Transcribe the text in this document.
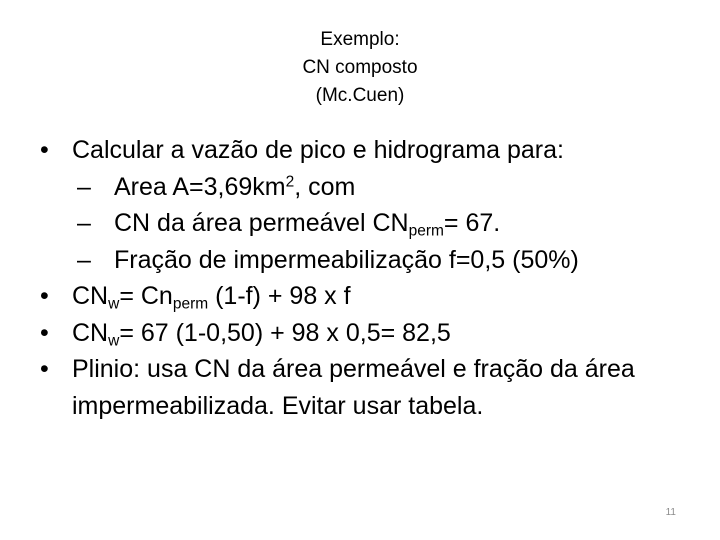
Exemplo:
CN composto
(Mc.Cuen)
• Calcular a vazão de pico e hidrograma para:
– Area $A=3,69km^2$, com
– CN da área permeável CNperm= 67.
– Fração de impermeabilização f=0,5 (50%)
• CNw= Cnperm (1-f) + 98 x f
• CNw= 67 (1-0,50) + 98 x 0,5= 82,5
• Plinio: usa CN da área permeável e fração da área impermeabilizada. Evitar usar tabela.
11
